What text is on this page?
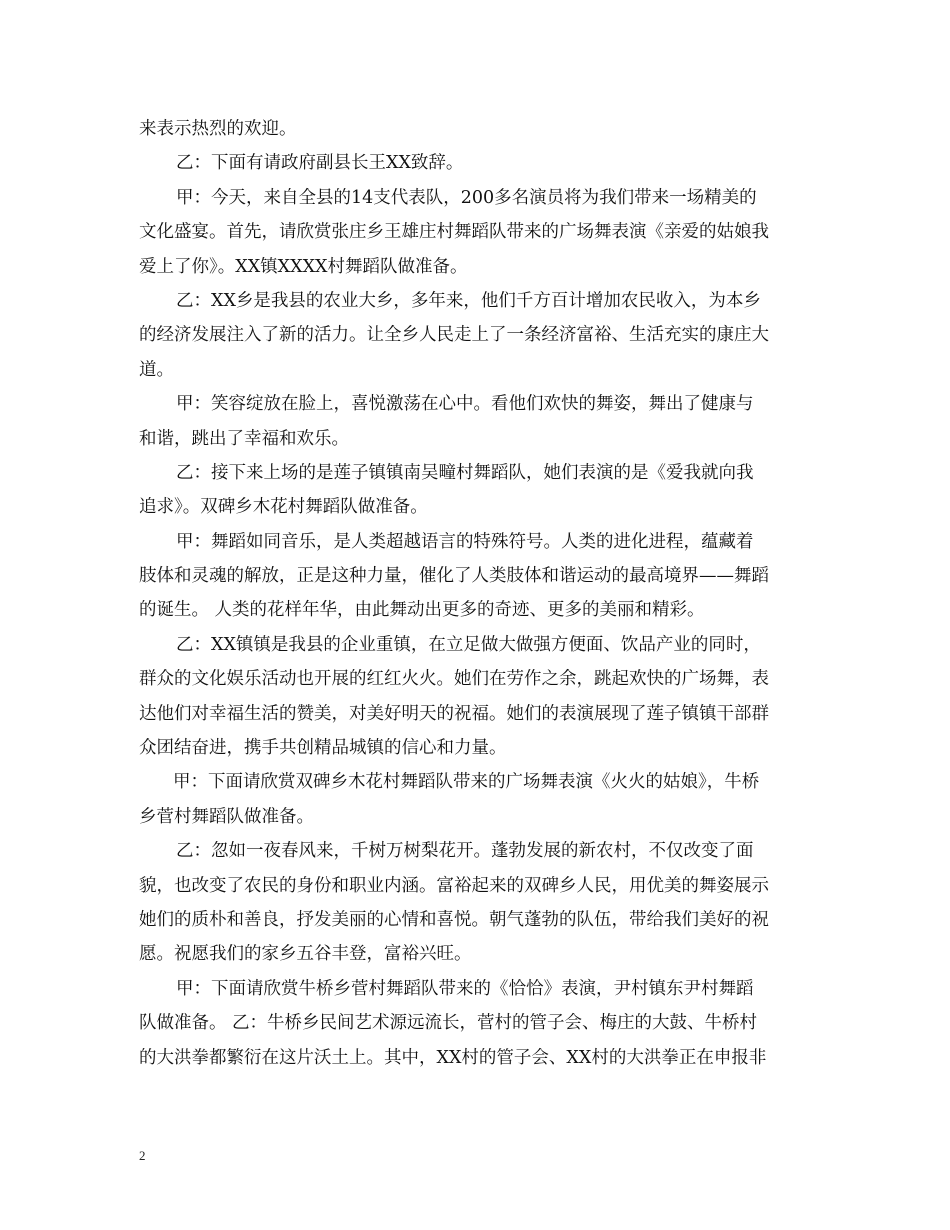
来表示热烈的欢迎。
乙：下面有请政府副县长王XX致辞。
甲：今天，来自全县的14支代表队，200多名演员将为我们带来一场精美的
文化盛宴。首先，请欣赏张庄乡王雄庄村舞蹈队带来的广场舞表演《亲爱的姑娘我
爱上了你》。XX镇XXXX村舞蹈队做准备。
乙：XX乡是我县的农业大乡，多年来，他们千方百计增加农民收入，为本乡
的经济发展注入了新的活力。让全乡人民走上了一条经济富裕、生活充实的康庄大
道。
甲：笑容绽放在脸上，喜悦激荡在心中。看他们欢快的舞姿，舞出了健康与
和谐，跳出了幸福和欢乐。
乙：接下来上场的是莲子镇镇南吴疃村舞蹈队，她们表演的是《爱我就向我
追求》。双碑乡木花村舞蹈队做准备。
甲：舞蹈如同音乐，是人类超越语言的特殊符号。人类的进化进程，蕴藏着
肢体和灵魂的解放，正是这种力量，催化了人类肢体和谐运动的最高境界——舞蹈
的诞生。 人类的花样年华，由此舞动出更多的奇迹、更多的美丽和精彩。
乙：XX镇镇是我县的企业重镇，在立足做大做强方便面、饮品产业的同时，
群众的文化娱乐活动也开展的红红火火。她们在劳作之余，跳起欢快的广场舞，表
达他们对幸福生活的赞美，对美好明天的祝福。她们的表演展现了莲子镇镇干部群
众团结奋进，携手共创精品城镇的信心和力量。
甲：下面请欣赏双碑乡木花村舞蹈队带来的广场舞表演《火火的姑娘》，牛桥
乡菅村舞蹈队做准备。
乙：忽如一夜春风来，千树万树梨花开。蓬勃发展的新农村，不仅改变了面
貌，也改变了农民的身份和职业内涵。富裕起来的双碑乡人民，用优美的舞姿展示
她们的质朴和善良，抒发美丽的心情和喜悦。朝气蓬勃的队伍，带给我们美好的祝
愿。祝愿我们的家乡五谷丰登，富裕兴旺。
甲：下面请欣赏牛桥乡菅村舞蹈队带来的《恰恰》表演，尹村镇东尹村舞蹈
队做准备。 乙：牛桥乡民间艺术源远流长，菅村的管子会、梅庄的大鼓、牛桥村
的大洪拳都繁衍在这片沃土上。其中，XX村的管子会、XX村的大洪拳正在申报非
2
